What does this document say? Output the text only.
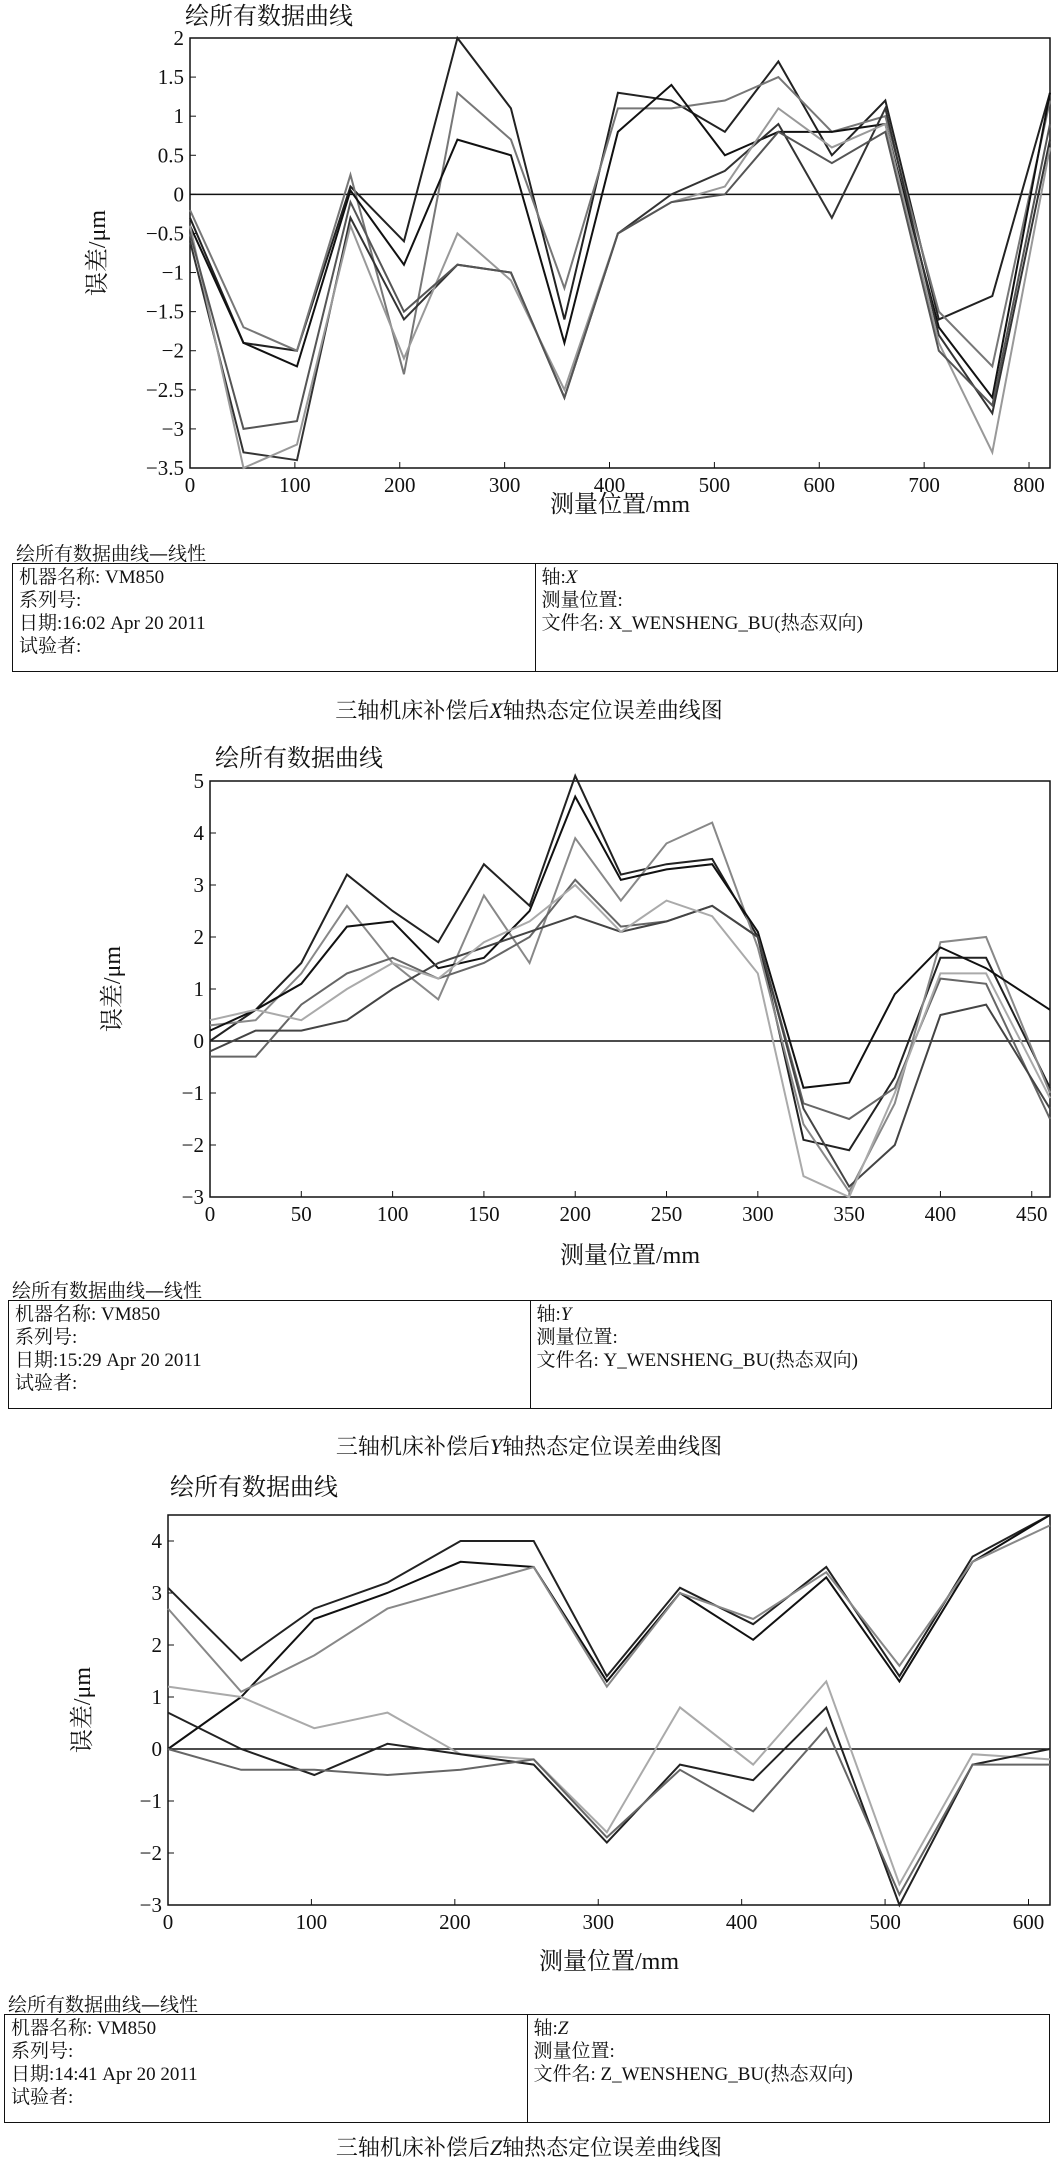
绘所有数据曲线
2
1.5
1
0.5
0
−0.5
−1
−1.5
−2
−2.5
−3
−3.5
0	100	200	300	400	500	600	700	800
测量位置/mm
误差/μm
绘所有数据曲线—线性
机器名称: VM850
系列号:
日期:16:02 Apr 20 2011
试验者:
轴:X
测量位置:
文件名: X_WENSHENG_BU(热态双向)
三轴机床补偿后X轴热态定位误差曲线图
绘所有数据曲线
5
4
3
2
1
0
−1
−2
−3
0	50	100	150	200	250	300	350	400	450
测量位置/mm
误差/μm
绘所有数据曲线—线性
机器名称: VM850
系列号:
日期:15:29 Apr 20 2011
试验者:
轴:Y
测量位置:
文件名: Y_WENSHENG_BU(热态双向)
三轴机床补偿后Y轴热态定位误差曲线图
绘所有数据曲线
4
3
2
1
0
−1
−2
−3
0	100	200	300	400	500	600
测量位置/mm
误差/μm
绘所有数据曲线—线性
机器名称: VM850
系列号:
日期:14:41 Apr 20 2011
试验者:
轴:Z
测量位置:
文件名: Z_WENSHENG_BU(热态双向)
三轴机床补偿后Z轴热态定位误差曲线图
